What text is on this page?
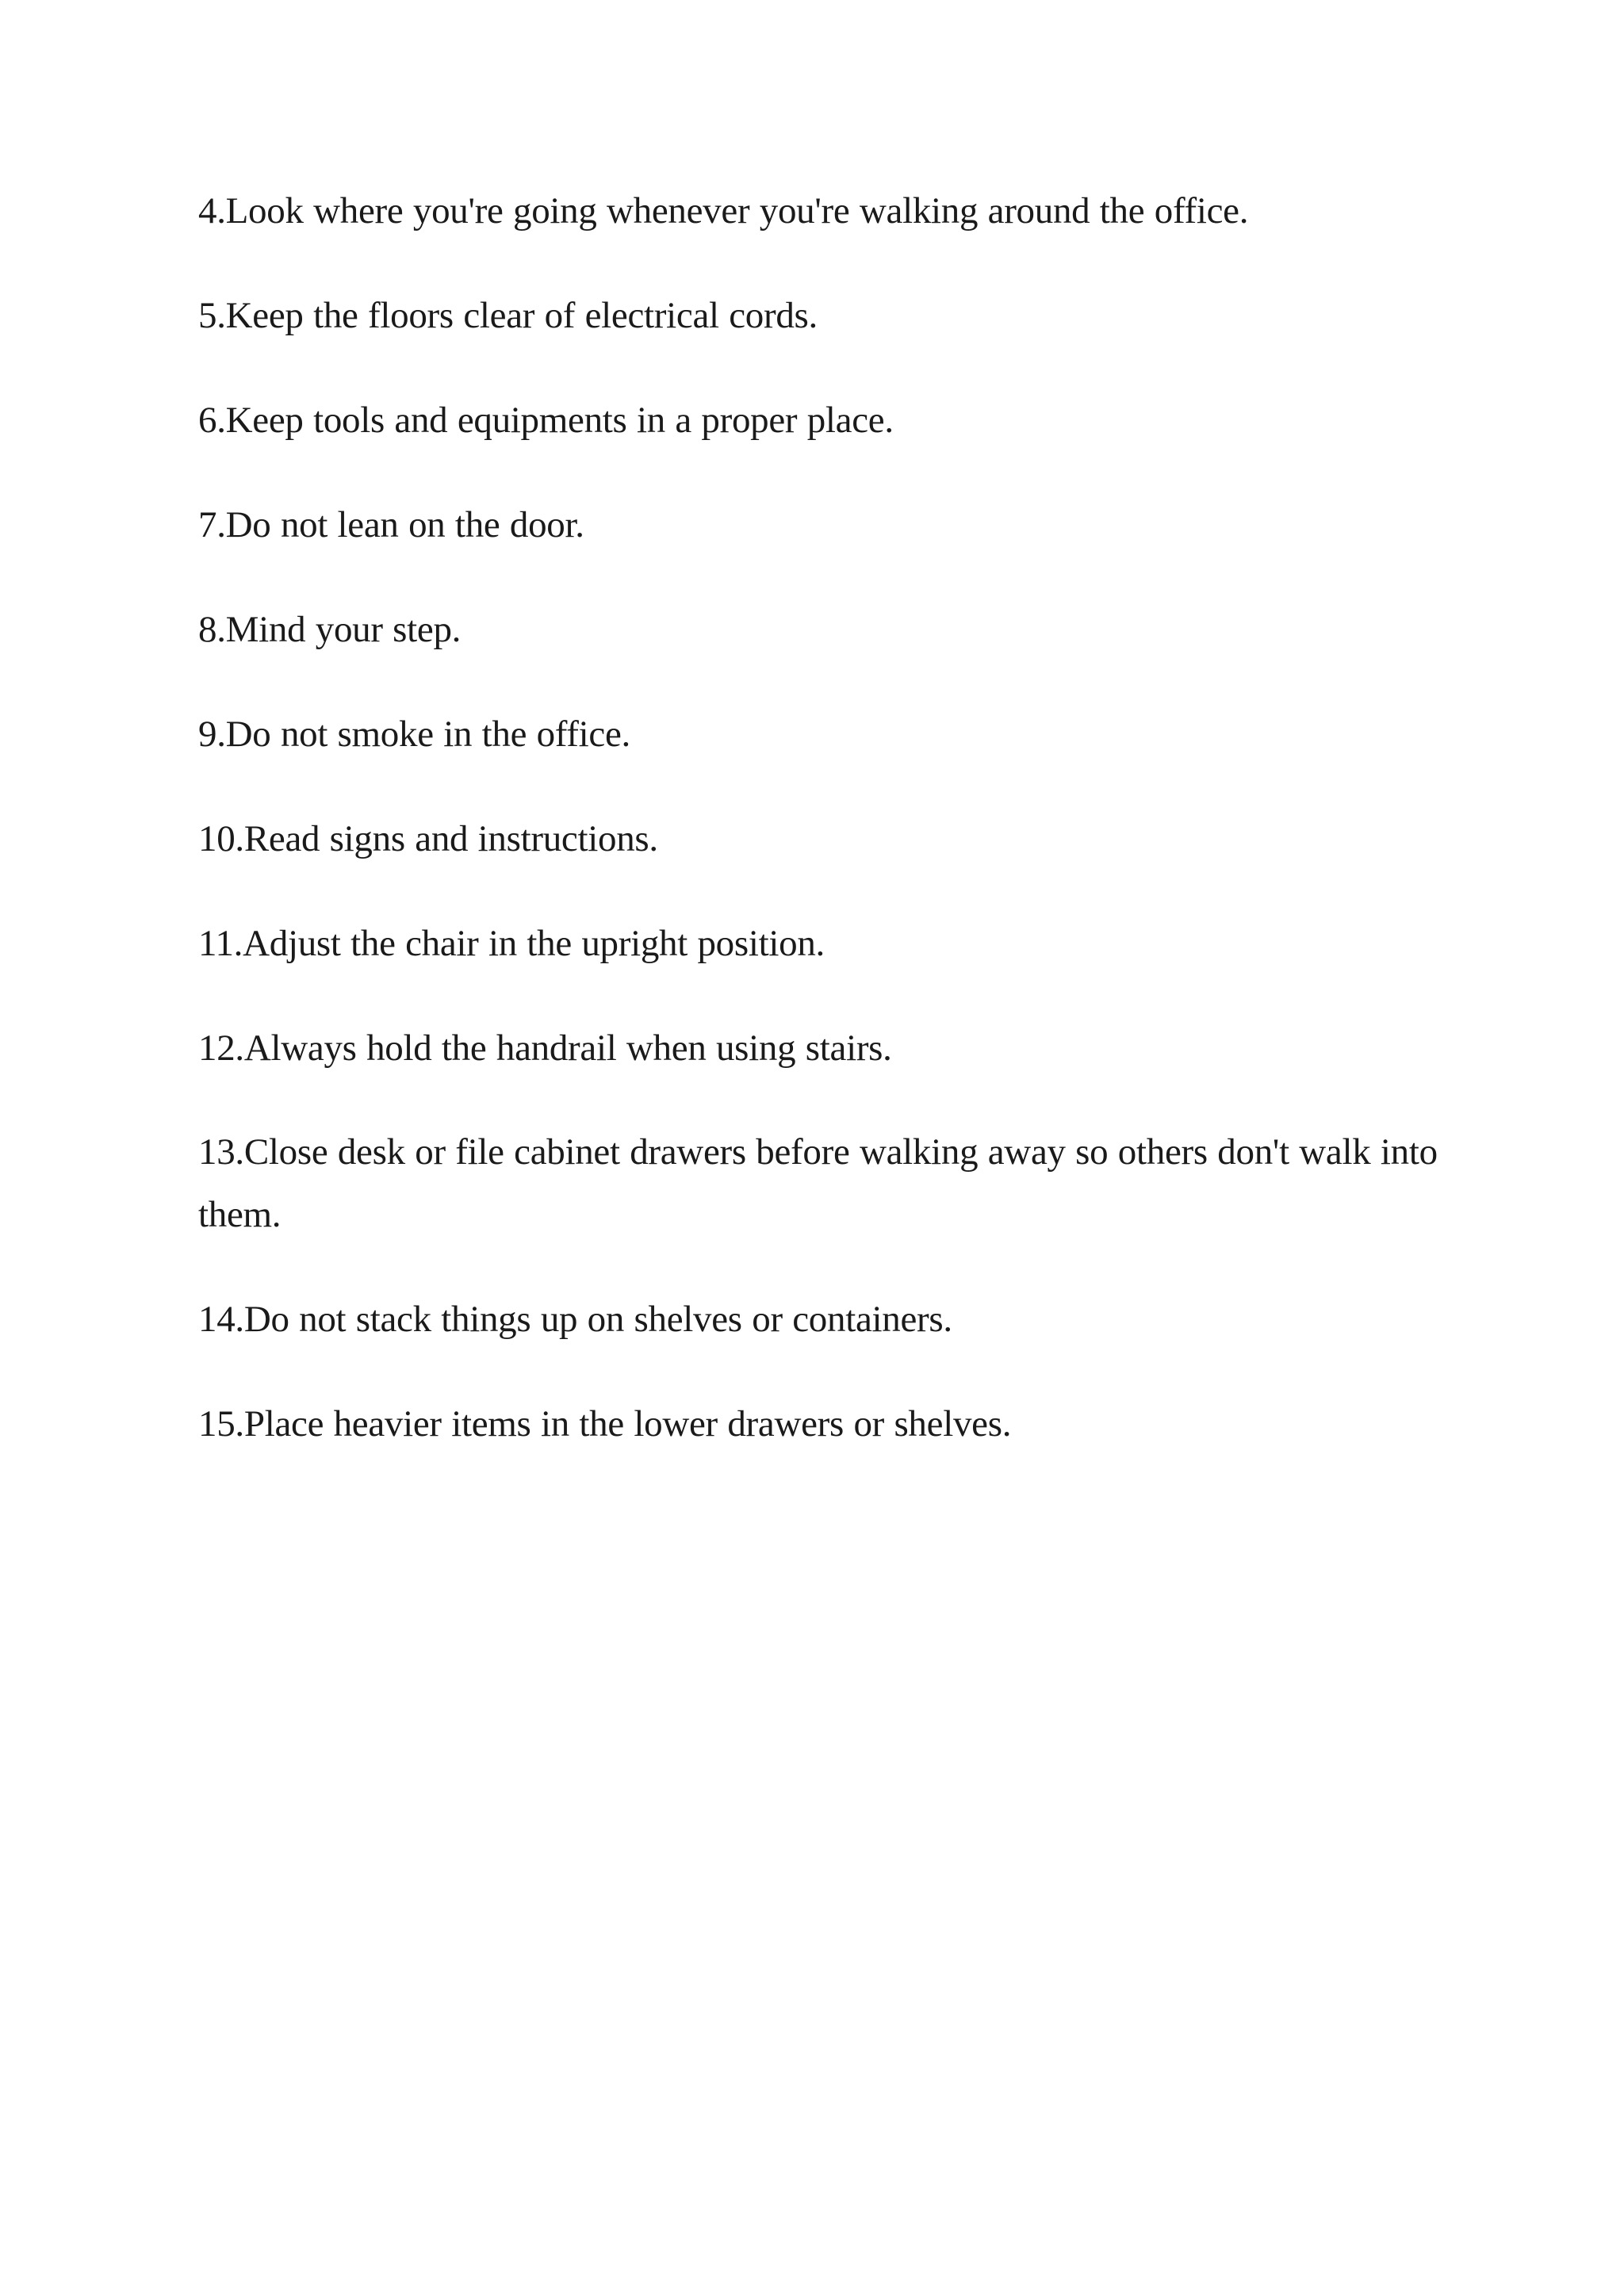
4.Look where you're going whenever you're walking around the office.

5.Keep the floors clear of electrical cords.

6.Keep tools and equipments in a proper place.

7.Do not lean on the door.

8.Mind your step.

9.Do not smoke in the office.

10.Read signs and instructions.

11.Adjust the chair in the upright position.

12.Always hold the handrail when using stairs.

13.Close desk or file cabinet drawers before walking away so others don't walk into them.

14.Do not stack things up on shelves or containers.

15.Place heavier items in the lower drawers or shelves.
